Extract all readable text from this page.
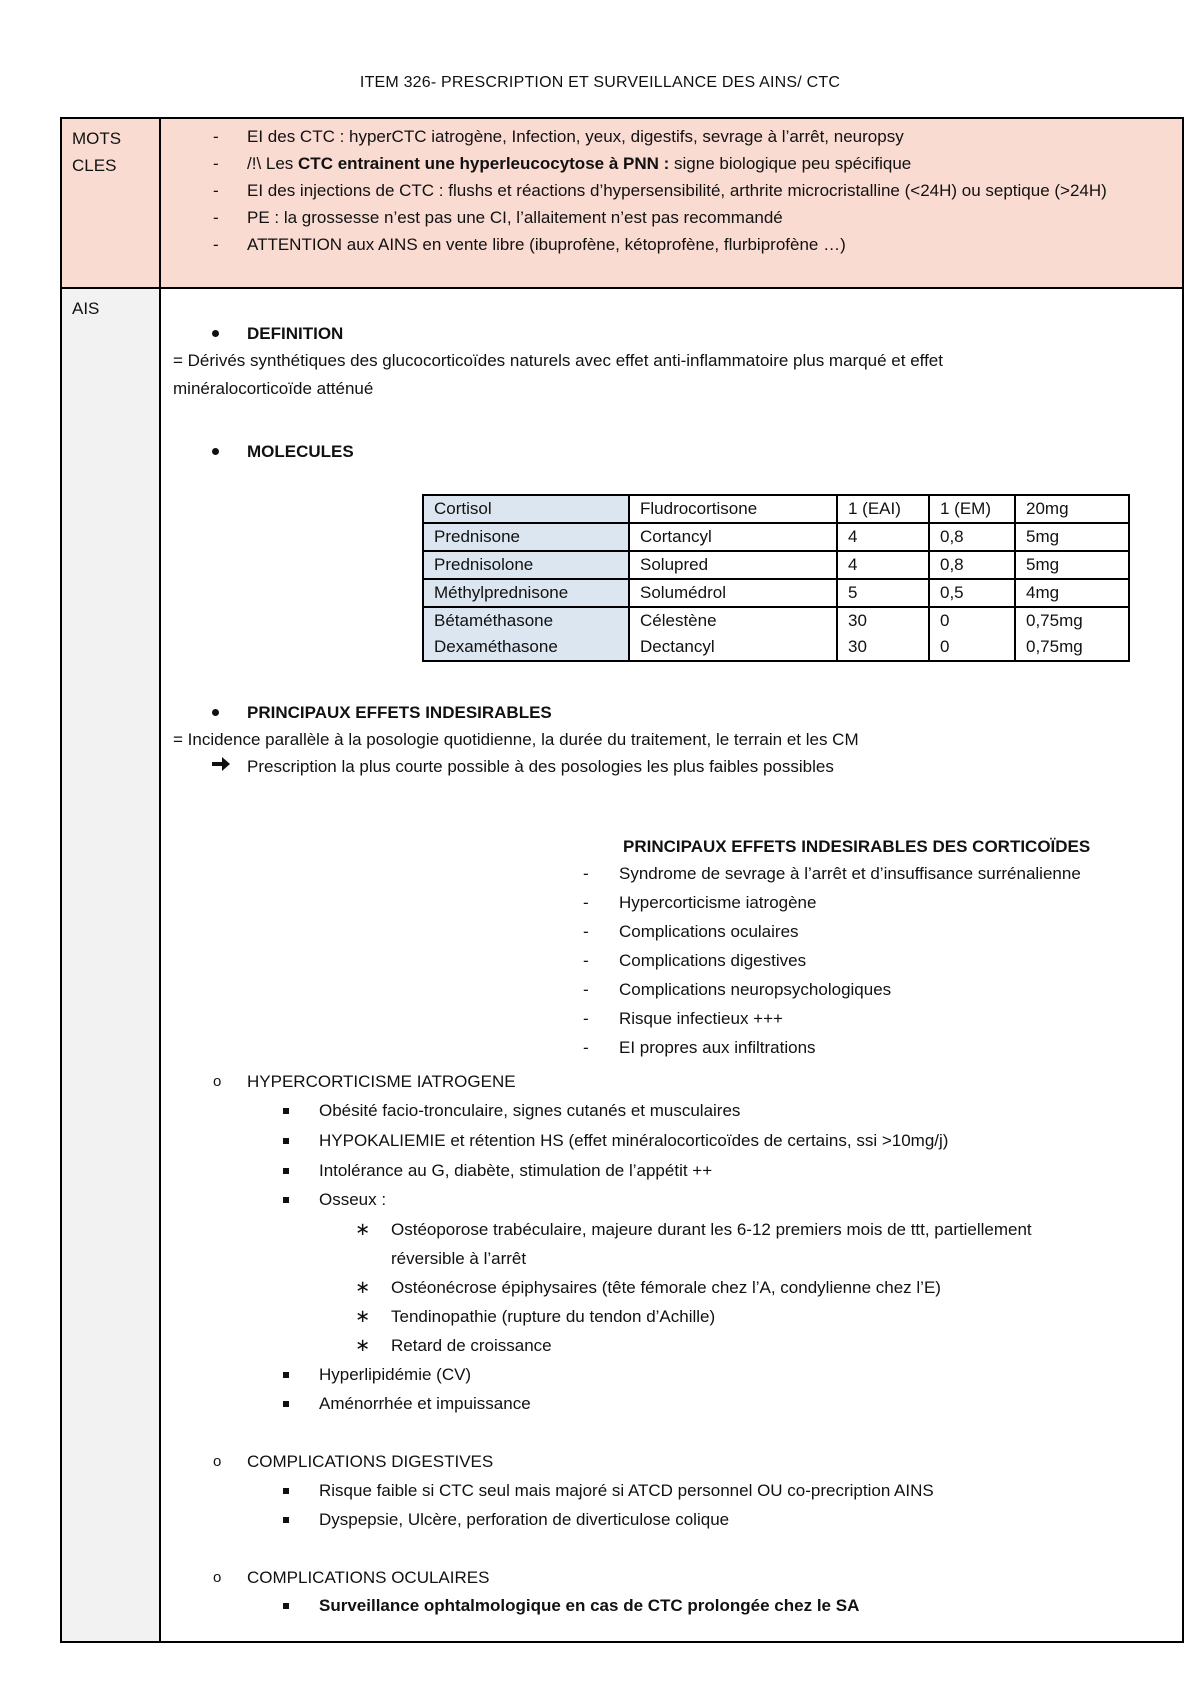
ITEM 326- PRESCRIPTION ET SURVEILLANCE DES AINS/ CTC
MOTS
CLES

- EI des CTC : hyperCTC iatrogène, Infection, yeux, digestifs, sevrage à l’arrêt, neuropsy
- /!\ Les CTC entrainent une hyperleucocytose à PNN : signe biologique peu spécifique
- EI des injections de CTC : flushs et réactions d’hypersensibilité, arthrite microcristalline (<24H) ou septique (>24H)
- PE : la grossesse n’est pas une CI, l’allaitement n’est pas recommandé
- ATTENTION aux AINS en vente libre (ibuprofène, kétoprofène, flurbiprofène …)

AIS

DEFINITION
= Dérivés synthétiques des glucocorticoïdes naturels avec effet anti-inflammatoire plus marqué et effet
minéralocorticoïde atténué
MOLECULES
Cortisol	Fludrocortisone	1 (EAI)	1 (EM)	20mg
Prednisone	Cortancyl	4	0,8	5mg
Prednisolone	Solupred	4	0,8	5mg
Méthylprednisone	Solumédrol	5	0,5	4mg
Bétaméthasone	Célestène	30	0	0,75mg
Dexaméthasone	Dectancyl	30	0	0,75mg
PRINCIPAUX EFFETS INDESIRABLES
= Incidence parallèle à la posologie quotidienne, la durée du traitement, le terrain et les CM
Prescription la plus courte possible à des posologies les plus faibles possibles
PRINCIPAUX EFFETS INDESIRABLES DES CORTICOÏDES
- Syndrome de sevrage à l’arrêt et d’insuffisance surrénalienne
- Hypercorticisme iatrogène
- Complications oculaires
- Complications digestives
- Complications neuropsychologiques
- Risque infectieux +++
- EI propres aux infiltrations
o HYPERCORTICISME IATROGENE
Obésité facio-tronculaire, signes cutanés et musculaires
HYPOKALIEMIE et rétention HS (effet minéralocorticoïdes de certains, ssi >10mg/j)
Intolérance au G, diabète, stimulation de l’appétit ++
Osseux :
∗ Ostéoporose trabéculaire, majeure durant les 6-12 premiers mois de ttt, partiellement
réversible à l’arrêt
∗ Ostéonécrose épiphysaires (tête fémorale chez l’A, condylienne chez l’E)
∗ Tendinopathie (rupture du tendon d’Achille)
∗ Retard de croissance
Hyperlipidémie (CV)
Aménorrhée et impuissance
o COMPLICATIONS DIGESTIVES
Risque faible si CTC seul mais majoré si ATCD personnel OU co-precription AINS
Dyspepsie, Ulcère, perforation de diverticulose colique
o COMPLICATIONS OCULAIRES
Surveillance ophtalmologique en cas de CTC prolongée chez le SA
